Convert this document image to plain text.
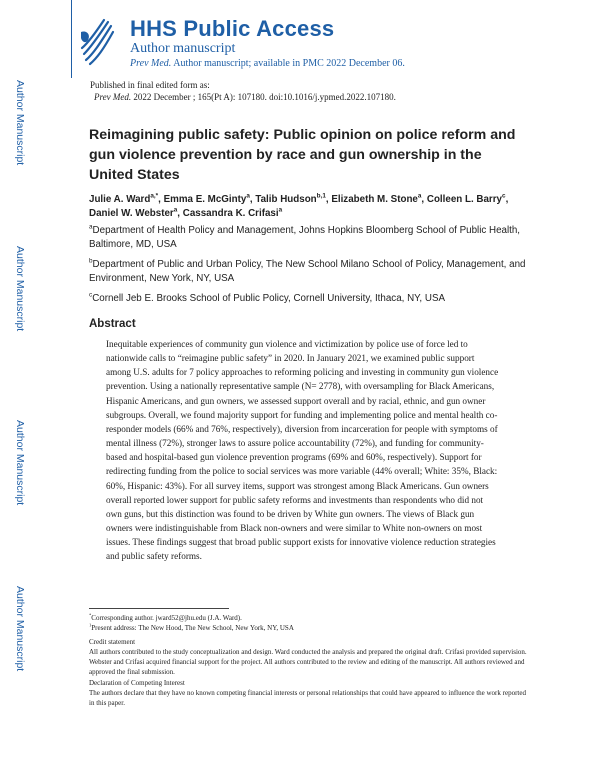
Author Manuscript
Author Manuscript
Author Manuscript
Author Manuscript
HHS Public Access
Author manuscript
Prev Med. Author manuscript; available in PMC 2022 December 06.
Published in final edited form as:
Prev Med. 2022 December ; 165(Pt A): 107180. doi:10.1016/j.ypmed.2022.107180.
Reimagining public safety: Public opinion on police reform and gun violence prevention by race and gun ownership in the United States
Julie A. Ward$^{a,*}$, Emma E. McGinty$^a$, Talib Hudson$^{b,1}$, Elizabeth M. Stone$^a$, Colleen L. Barry$^c$, Daniel W. Webster$^a$, Cassandra K. Crifasi$^a$
$^a$Department of Health Policy and Management, Johns Hopkins Bloomberg School of Public Health, Baltimore, MD, USA
$^b$Department of Public and Urban Policy, The New School Milano School of Policy, Management, and Environment, New York, NY, USA
$^c$Cornell Jeb E. Brooks School of Public Policy, Cornell University, Ithaca, NY, USA
Abstract
Inequitable experiences of community gun violence and victimization by police use of force led to nationwide calls to “reimagine public safety” in 2020. In January 2021, we examined public support among U.S. adults for 7 policy approaches to reforming policing and investing in community gun violence prevention. Using a nationally representative sample (N= 2778), with oversampling for Black Americans, Hispanic Americans, and gun owners, we assessed support overall and by racial, ethnic, and gun owner subgroups. Overall, we found majority support for funding and implementing police and mental health co-responder models (66% and 76%, respectively), diversion from incarceration for people with symptoms of mental illness (72%), stronger laws to assure police accountability (72%), and funding for community-based and hospital-based gun violence prevention programs (69% and 60%, respectively). Support for redirecting funding from the police to social services was more variable (44% overall; White: 35%, Black: 60%, Hispanic: 43%). For all survey items, support was strongest among Black Americans. Gun owners overall reported lower support for public safety reforms and investments than respondents who did not own guns, but this distinction was found to be driven by White gun owners. The views of Black gun owners were indistinguishable from Black non-owners and were similar to White non-owners on most issues. These findings suggest that broad public support exists for innovative violence reduction strategies and public safety reforms.
*Corresponding author. jward52@jhu.edu (J.A. Ward).
$^1$Present address: The New Hood, The New School, New York, NY, USA
Credit statement
All authors contributed to the study conceptualization and design. Ward conducted the analysis and prepared the original draft. Crifasi provided supervision. Webster and Crifasi acquired financial support for the project. All authors contributed to the review and editing of the manuscript. All authors reviewed and approved the final submission.
Declaration of Competing Interest
The authors declare that they have no known competing financial interests or personal relationships that could have appeared to influence the work reported in this paper.
